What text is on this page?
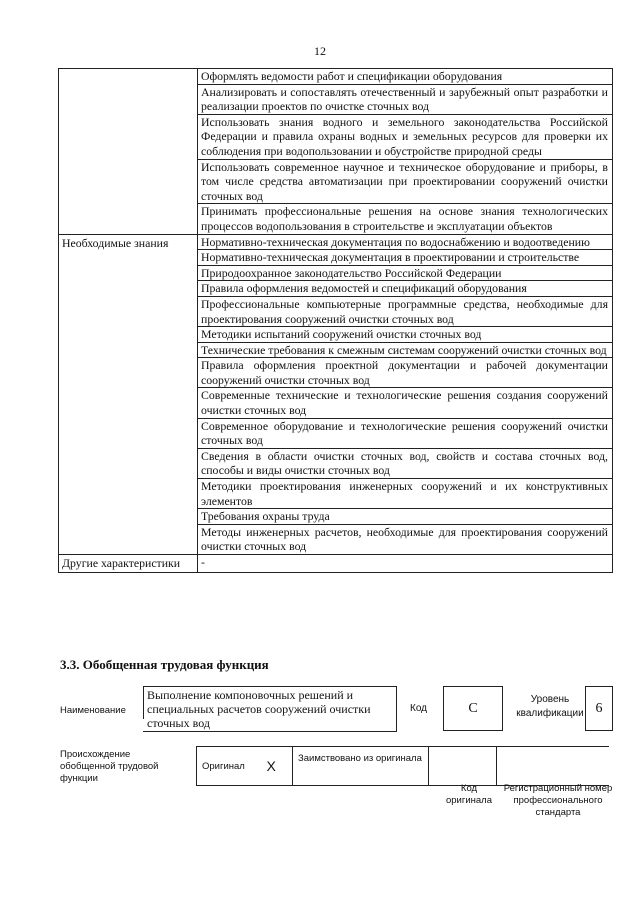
12
	Оформлять ведомости работ и спецификации оборудования
	Анализировать и сопоставлять отечественный и зарубежный опыт разработки и реализации проектов по очистке сточных вод
	Использовать знания водного и земельного законодательства Российской Федерации и правила охраны водных и земельных ресурсов для проверки их соблюдения при водопользовании и обустройстве природной среды
	Использовать современное научное и техническое оборудование и приборы, в том числе средства автоматизации при проектировании сооружений очистки сточных вод
	Принимать профессиональные решения на основе знания технологических процессов водопользования в строительстве и эксплуатации объектов
Необходимые знания	Нормативно-техническая документация по водоснабжению и водоотведению
	Нормативно-техническая документация в проектировании и строительстве
	Природоохранное законодательство Российской Федерации
	Правила оформления ведомостей и спецификаций оборудования
	Профессиональные компьютерные программные средства, необходимые для проектирования сооружений очистки сточных вод
	Методики испытаний сооружений очистки сточных вод
	Технические требования к смежным системам сооружений очистки сточных вод
	Правила оформления проектной документации и рабочей документации сооружений очистки сточных вод
	Современные технические и технологические решения создания сооружений очистки сточных вод
	Современное оборудование и технологические решения сооружений очистки сточных вод
	Сведения в области очистки сточных вод, свойств и состава сточных вод, способы и виды очистки сточных вод
	Методики проектирования инженерных сооружений и их конструктивных элементов
	Требования охраны труда
	Методы инженерных расчетов, необходимые для проектирования сооружений очистки сточных вод
Другие характеристики	-
3.3. Обобщенная трудовая функция
Наименование
Выполнение компоновочных решений и специальных расчетов сооружений очистки сточных вод
Код	С
Уровень квалификации 6
Происхождение обобщенной трудовой функции
Оригинал	Х	Заимствовано из оригинала		
Код оригинала
Регистрационный номер профессионального стандарта
